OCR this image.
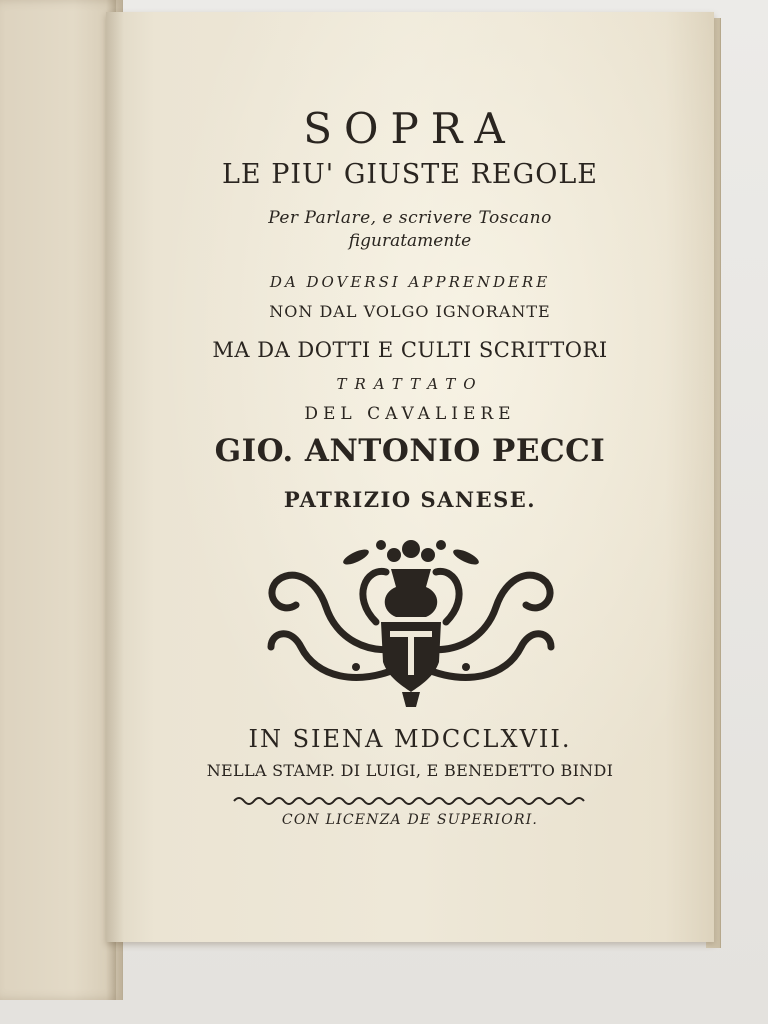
SOPRA
LE PIU' GIUSTE REGOLE
Per Parlare, e scrivere Toscano
figuratamente
DA DOVERSI APPRENDERE
NON DAL VOLGO IGNORANTE
MA DA DOTTI E CULTI SCRITTORI
TRATTATO
DEL CAVALIERE
GIO. ANTONIO PECCI
PATRIZIO SANESE.
IN SIENA MDCCLXVII.
NELLA STAMP. DI LUIGI, E BENEDETTO BINDI
CON LICENZA DE SUPERIORI.
